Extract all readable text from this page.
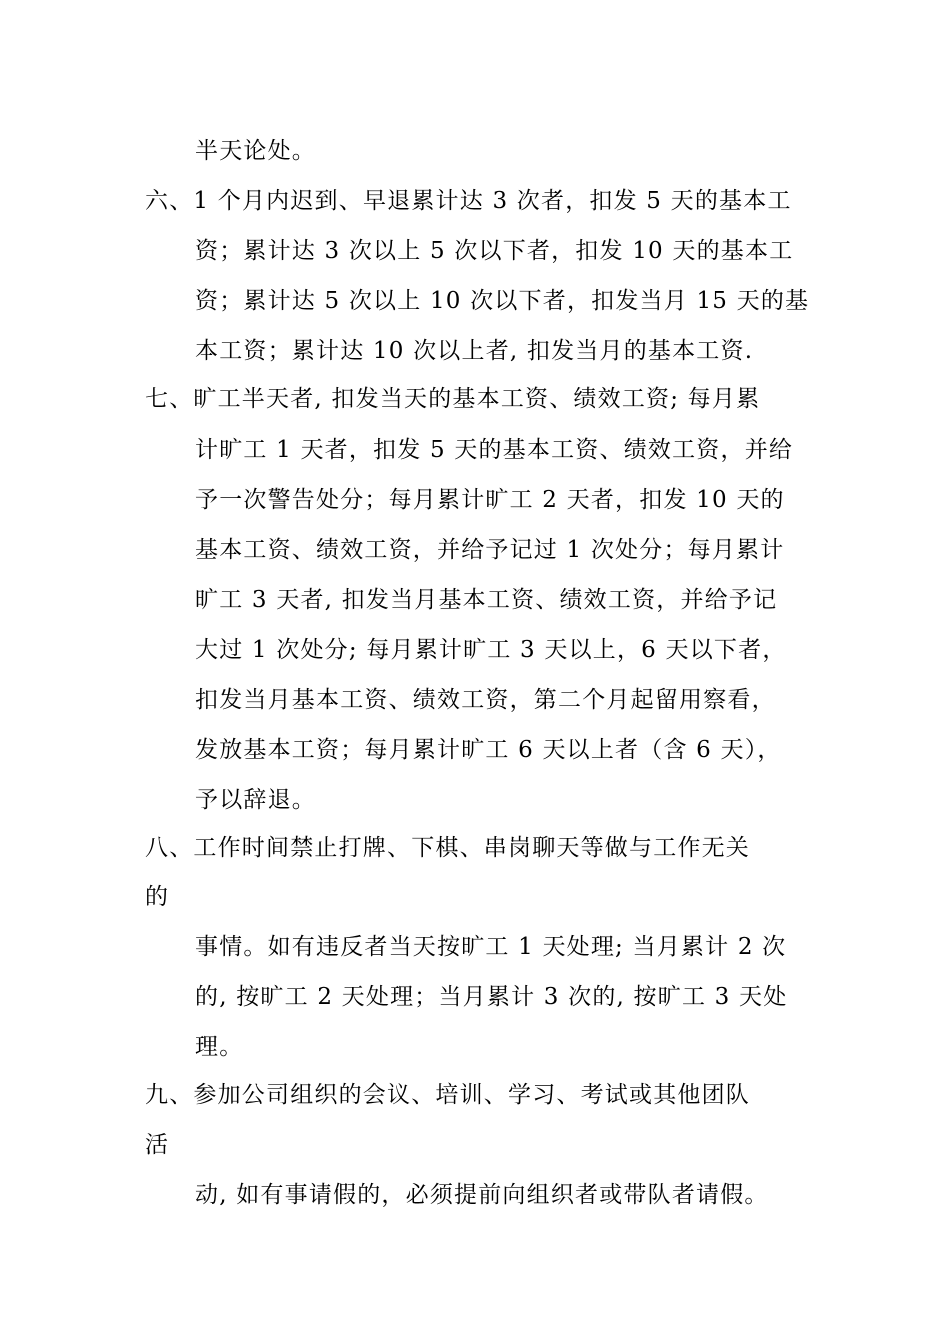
半天论处。
六、1 个月内迟到、早退累计达 3 次者，扣发 5 天的基本工
资；累计达 3 次以上 5 次以下者，扣发 10 天的基本工
资；累计达 5 次以上 10 次以下者，扣发当月 15 天的基
本工资；累计达 10 次以上者, 扣发当月的基本工资.
七、旷工半天者, 扣发当天的基本工资、绩效工资; 每月累
计旷工 1 天者，扣发 5 天的基本工资、绩效工资，并给
予一次警告处分；每月累计旷工 2 天者，扣发 10 天的
基本工资、绩效工资，并给予记过 1 次处分；每月累计
旷工 3 天者, 扣发当月基本工资、绩效工资，并给予记
大过 1 次处分; 每月累计旷工 3 天以上，6 天以下者，
扣发当月基本工资、绩效工资，第二个月起留用察看，
发放基本工资；每月累计旷工 6 天以上者（含 6 天），
予以辞退。
八、工作时间禁止打牌、下棋、串岗聊天等做与工作无关
的
事情。如有违反者当天按旷工 1 天处理; 当月累计 2 次
的, 按旷工 2 天处理；当月累计 3 次的, 按旷工 3 天处
理。
九、参加公司组织的会议、培训、学习、考试或其他团队
活
动, 如有事请假的，必须提前向组织者或带队者请假。
